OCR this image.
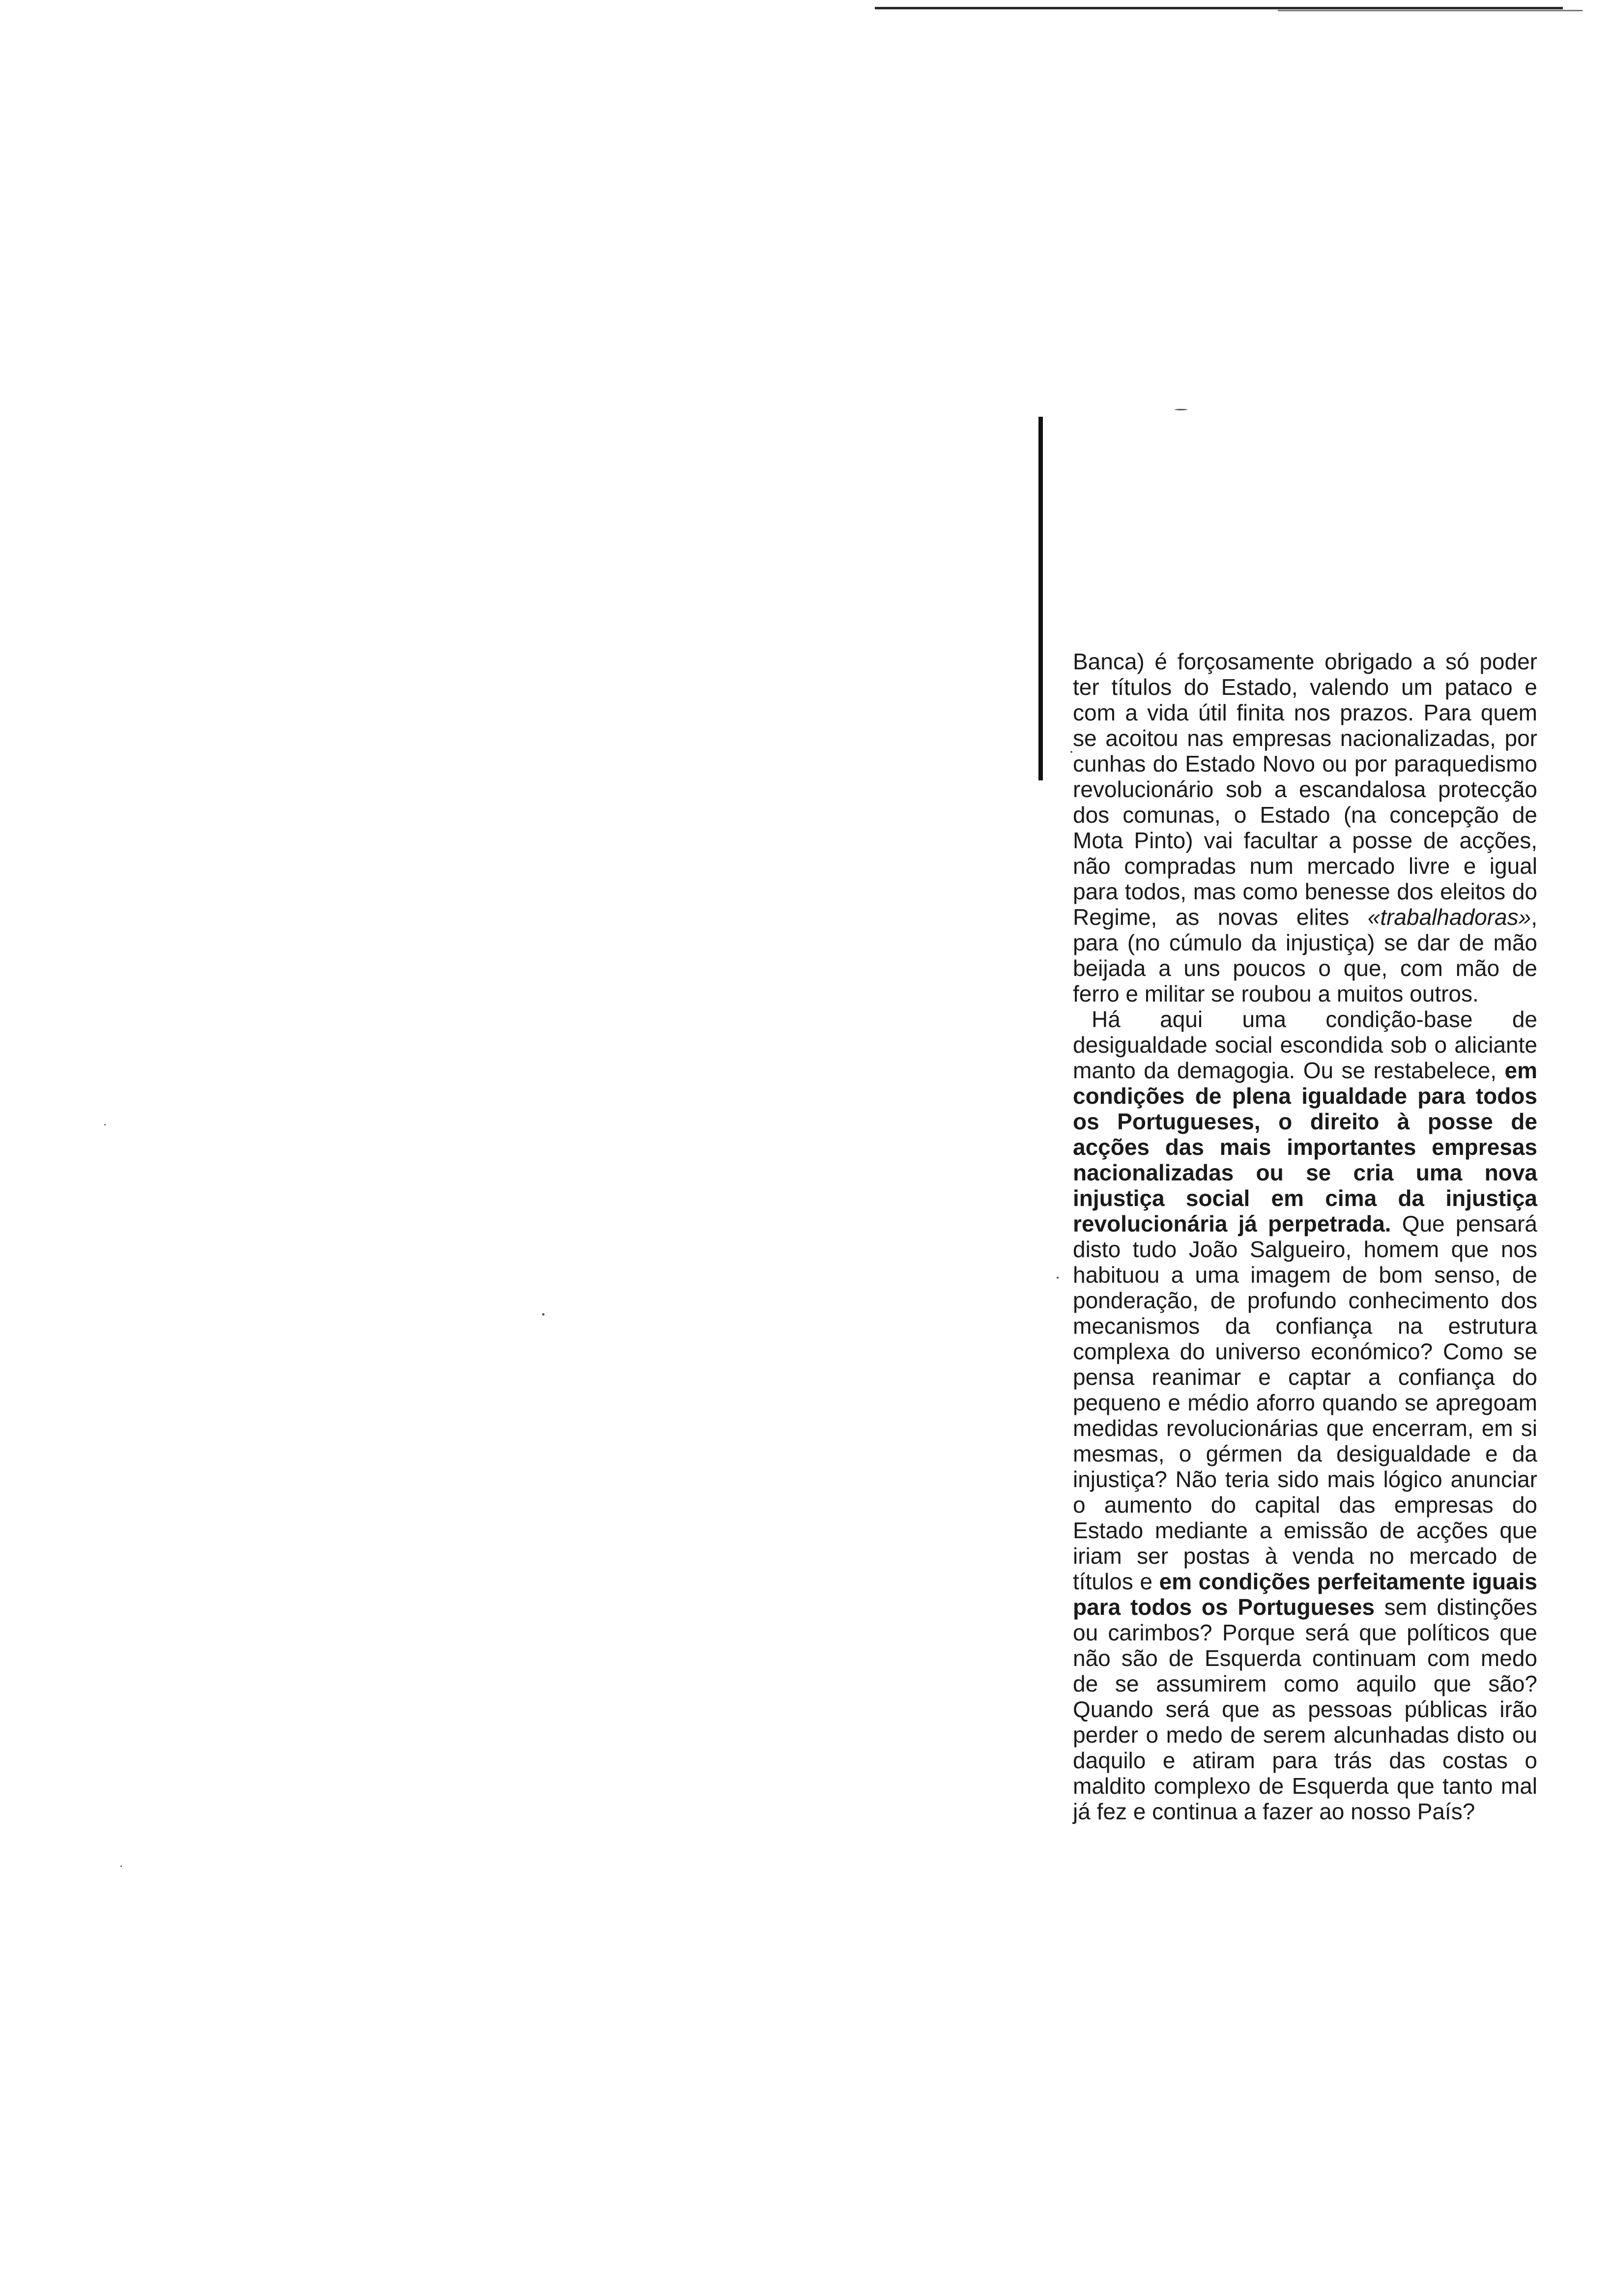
Banca) é forçosamente obrigado a só poder ter títulos do Estado, valendo um pataco e com a vida útil finita nos prazos. Para quem se acoitou nas empresas nacionalizadas, por cunhas do Estado Novo ou por paraquedismo revolucionário sob a escandalosa protecção dos comunas, o Estado (na concepção de Mota Pinto) vai facultar a posse de acções, não compradas num mercado livre e igual para todos, mas como benesse dos eleitos do Regime, as novas elites «trabalhadoras», para (no cúmulo da injustiça) se dar de mão beijada a uns poucos o que, com mão de ferro e militar se roubou a muitos outros.

Há aqui uma condição-base de desigualdade social escondida sob o aliciante manto da demagogia. Ou se restabelece, em condições de plena igualdade para todos os Portugueses, o direito à posse de acções das mais importantes empresas nacionalizadas ou se cria uma nova injustiça social em cima da injustiça revolucionária já perpetrada. Que pensará disto tudo João Salgueiro, homem que nos habituou a uma imagem de bom senso, de ponderação, de profundo conhecimento dos mecanismos da confiança na estrutura complexa do universo económico? Como se pensa reanimar e captar a confiança do pequeno e médio aforro quando se apregoam medidas revolucionárias que encerram, em si mesmas, o gérmen da desigualdade e da injustiça? Não teria sido mais lógico anunciar o aumento do capital das empresas do Estado mediante a emissão de acções que iriam ser postas à venda no mercado de títulos e em condições perfeitamente iguais para todos os Portugueses sem distinções ou carimbos? Porque será que políticos que não são de Esquerda continuam com medo de se assumirem como aquilo que são? Quando será que as pessoas públicas irão perder o medo de serem alcunhadas disto ou daquilo e atiram para trás das costas o maldito complexo de Esquerda que tanto mal já fez e continua a fazer ao nosso País?
